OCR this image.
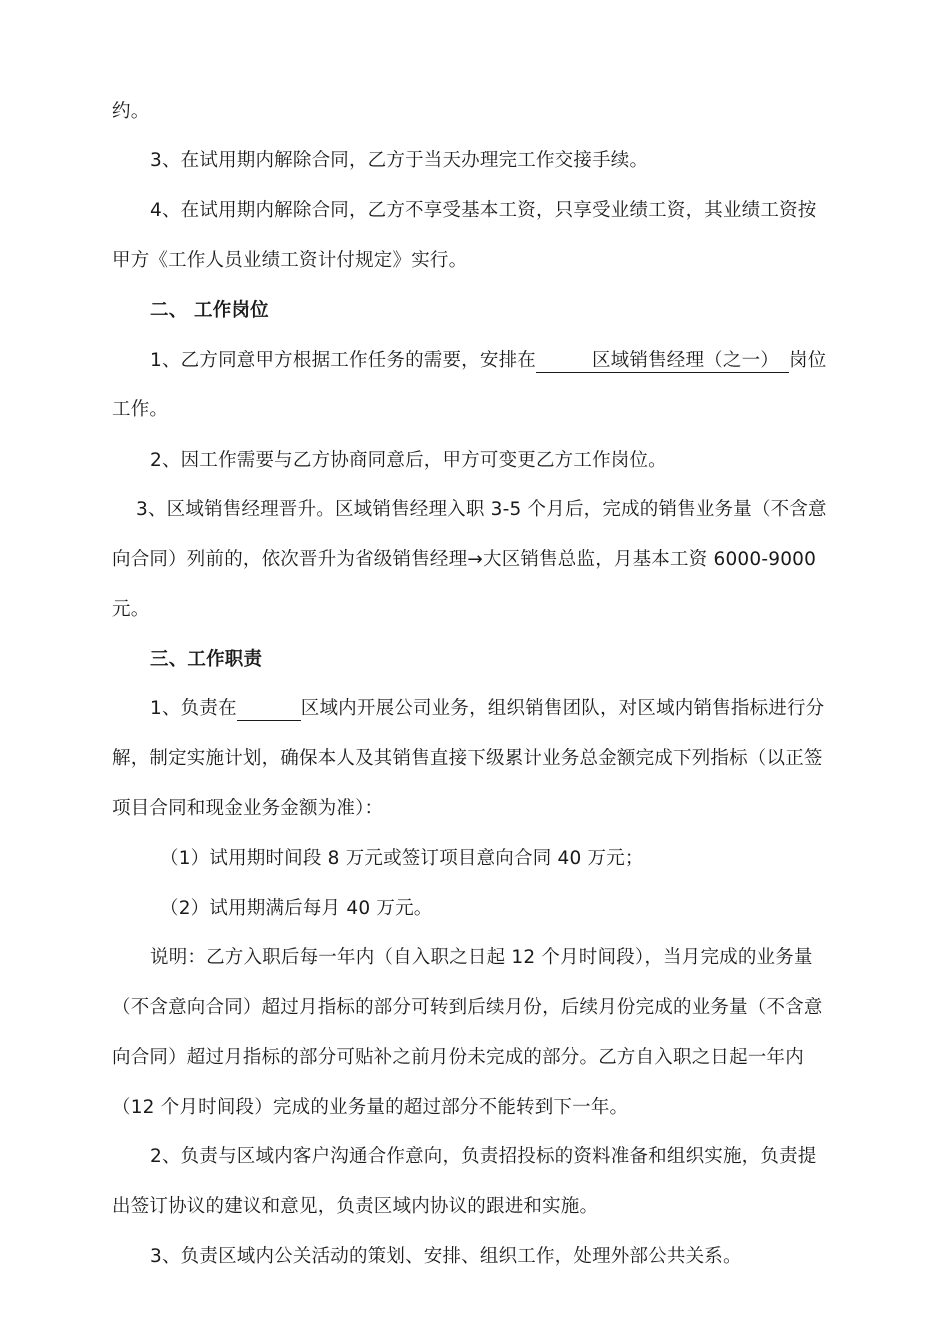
约。
3、在试用期内解除合同，乙方于当天办理完工作交接手续。
4、在试用期内解除合同，乙方不享受基本工资，只享受业绩工资，其业绩工资按
甲方《工作人员业绩工资计付规定》实行。
二、 工作岗位
1、乙方同意甲方根据工作任务的需要，安排在	区域销售经理（之一） 岗位
工作。
2、因工作需要与乙方协商同意后，甲方可变更乙方工作岗位。
3、区域销售经理晋升。区域销售经理入职 3-5 个月后，完成的销售业务量（不含意
向合同）列前的，依次晋升为省级销售经理→大区销售总监，月基本工资 6000-9000
元。
三、工作职责
1、负责在	区域内开展公司业务，组织销售团队，对区域内销售指标进行分
解，制定实施计划，确保本人及其销售直接下级累计业务总金额完成下列指标（以正签
项目合同和现金业务金额为准）：
（1）试用期时间段 8 万元或签订项目意向合同 40 万元；
（2）试用期满后每月 40 万元。
说明：乙方入职后每一年内（自入职之日起 12 个月时间段），当月完成的业务量
（不含意向合同）超过月指标的部分可转到后续月份，后续月份完成的业务量（不含意
向合同）超过月指标的部分可贴补之前月份未完成的部分。乙方自入职之日起一年内
（12 个月时间段）完成的业务量的超过部分不能转到下一年。
2、负责与区域内客户沟通合作意向，负责招投标的资料准备和组织实施，负责提
出签订协议的建议和意见，负责区域内协议的跟进和实施。
3、负责区域内公关活动的策划、安排、组织工作，处理外部公共关系。
